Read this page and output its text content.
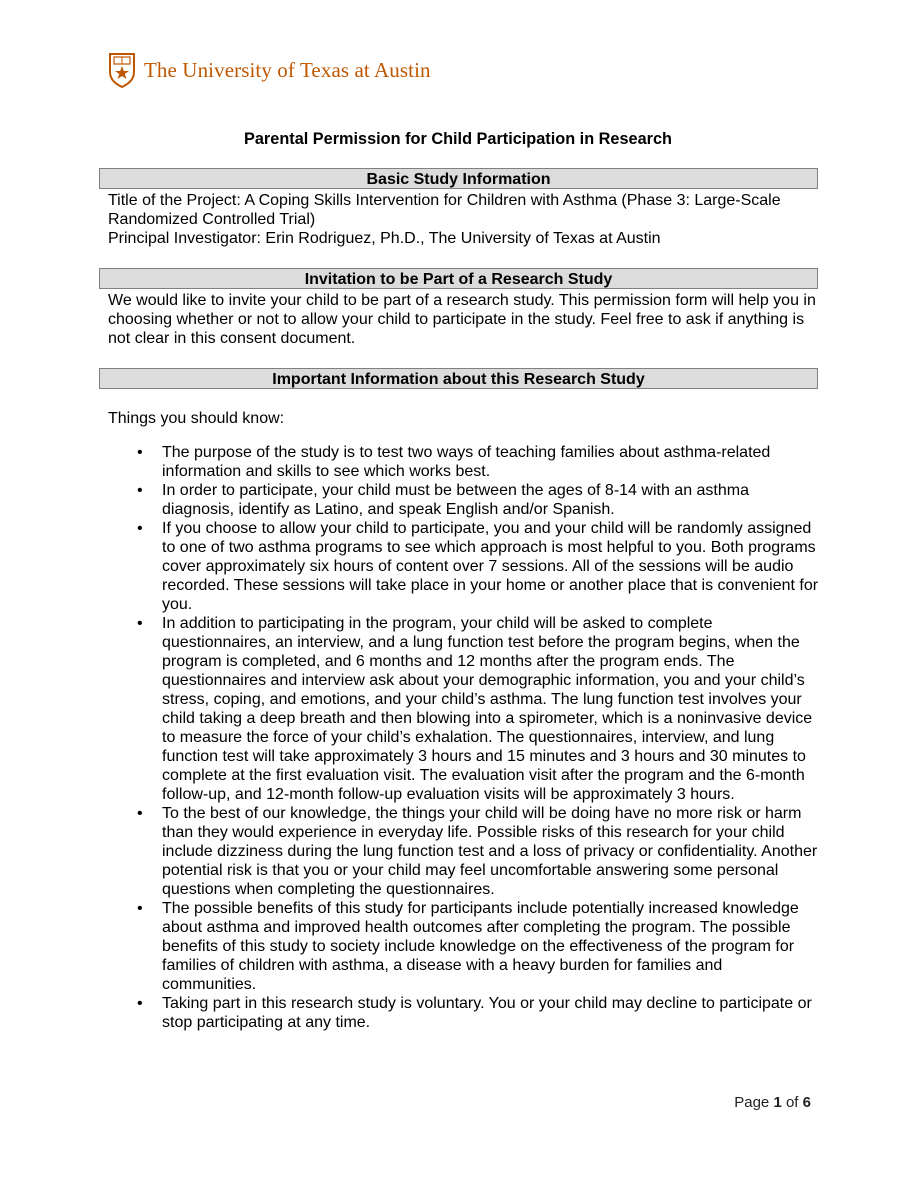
The University of Texas at Austin
Parental Permission for Child Participation in Research
Basic Study Information

Title of the Project: A Coping Skills Intervention for Children with Asthma (Phase 3: Large-Scale Randomized Controlled Trial)

Principal Investigator: Erin Rodriguez, Ph.D., The University of Texas at Austin

Invitation to be Part of a Research Study

We would like to invite your child to be part of a research study. This permission form will help you in choosing whether or not to allow your child to participate in the study. Feel free to ask if anything is not clear in this consent document.

Important Information about this Research Study

Things you should know:

• The purpose of the study is to test two ways of teaching families about asthma-related information and skills to see which works best.
• In order to participate, your child must be between the ages of 8-14 with an asthma diagnosis, identify as Latino, and speak English and/or Spanish.
• If you choose to allow your child to participate, you and your child will be randomly assigned to one of two asthma programs to see which approach is most helpful to you. Both programs cover approximately six hours of content over 7 sessions. All of the sessions will be audio recorded. These sessions will take place in your home or another place that is convenient for you.
• In addition to participating in the program, your child will be asked to complete questionnaires, an interview, and a lung function test before the program begins, when the program is completed, and 6 months and 12 months after the program ends. The questionnaires and interview ask about your demographic information, you and your child’s stress, coping, and emotions, and your child’s asthma. The lung function test involves your child taking a deep breath and then blowing into a spirometer, which is a noninvasive device to measure the force of your child’s exhalation. The questionnaires, interview, and lung function test will take approximately 3 hours and 15 minutes and 3 hours and 30 minutes to complete at the first evaluation visit. The evaluation visit after the program and the 6-month follow-up, and 12-month follow-up evaluation visits will be approximately 3 hours.
• To the best of our knowledge, the things your child will be doing have no more risk or harm than they would experience in everyday life. Possible risks of this research for your child include dizziness during the lung function test and a loss of privacy or confidentiality. Another potential risk is that you or your child may feel uncomfortable answering some personal questions when completing the questionnaires.
• The possible benefits of this study for participants include potentially increased knowledge about asthma and improved health outcomes after completing the program. The possible benefits of this study to society include knowledge on the effectiveness of the program for families of children with asthma, a disease with a heavy burden for families and communities.
• Taking part in this research study is voluntary. You or your child may decline to participate or stop participating at any time.
Page 1 of 6
